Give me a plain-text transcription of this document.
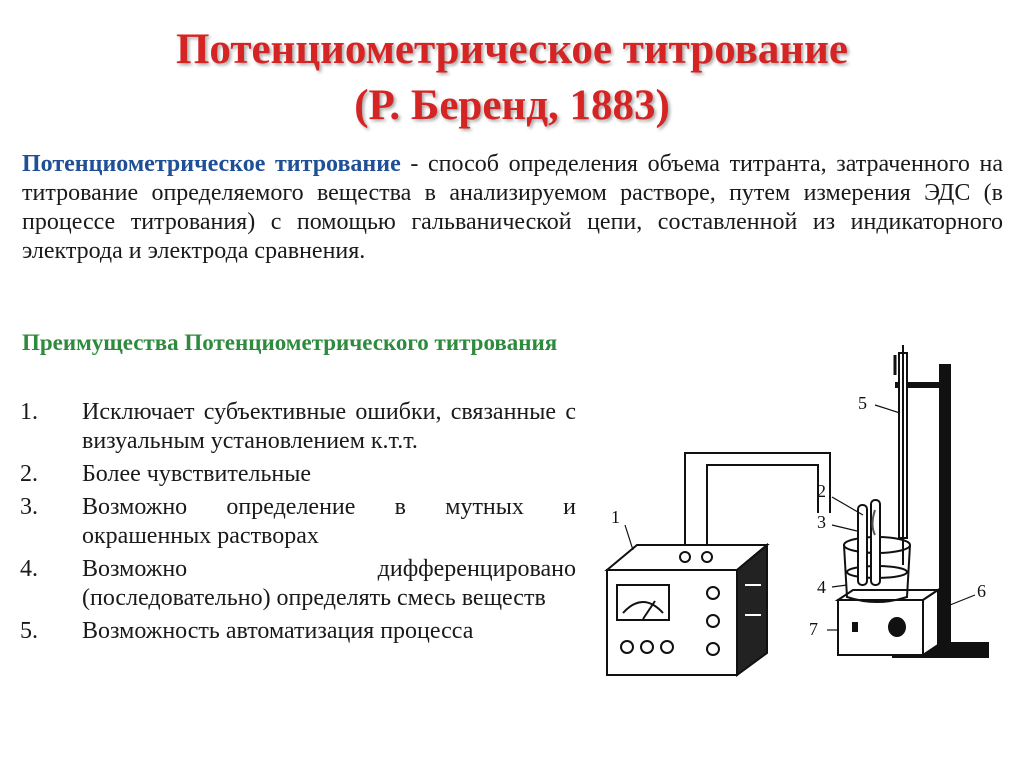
Потенциометрическое титрование
(Р. Беренд, 1883)
Потенциометрическое титрование - способ определения объема титранта, затраченного на титрование определяемого вещества в анализируемом растворе, путем измерения ЭДС (в процессе титрования) с помощью гальванической цепи, составленной из индикаторного электрода и электрода сравнения.
Преимущества Потенциометрического титрования
1. Исключает субъективные ошибки, связанные с визуальным установлением к.т.т.
2. Более чувствительные
3. Возможно определение в мутных и окрашенных растворах
4. Возможно дифференцировано (последовательно) определять смесь веществ
5. Возможность автоматизация процесса
1
2
3
4
5
6
7
